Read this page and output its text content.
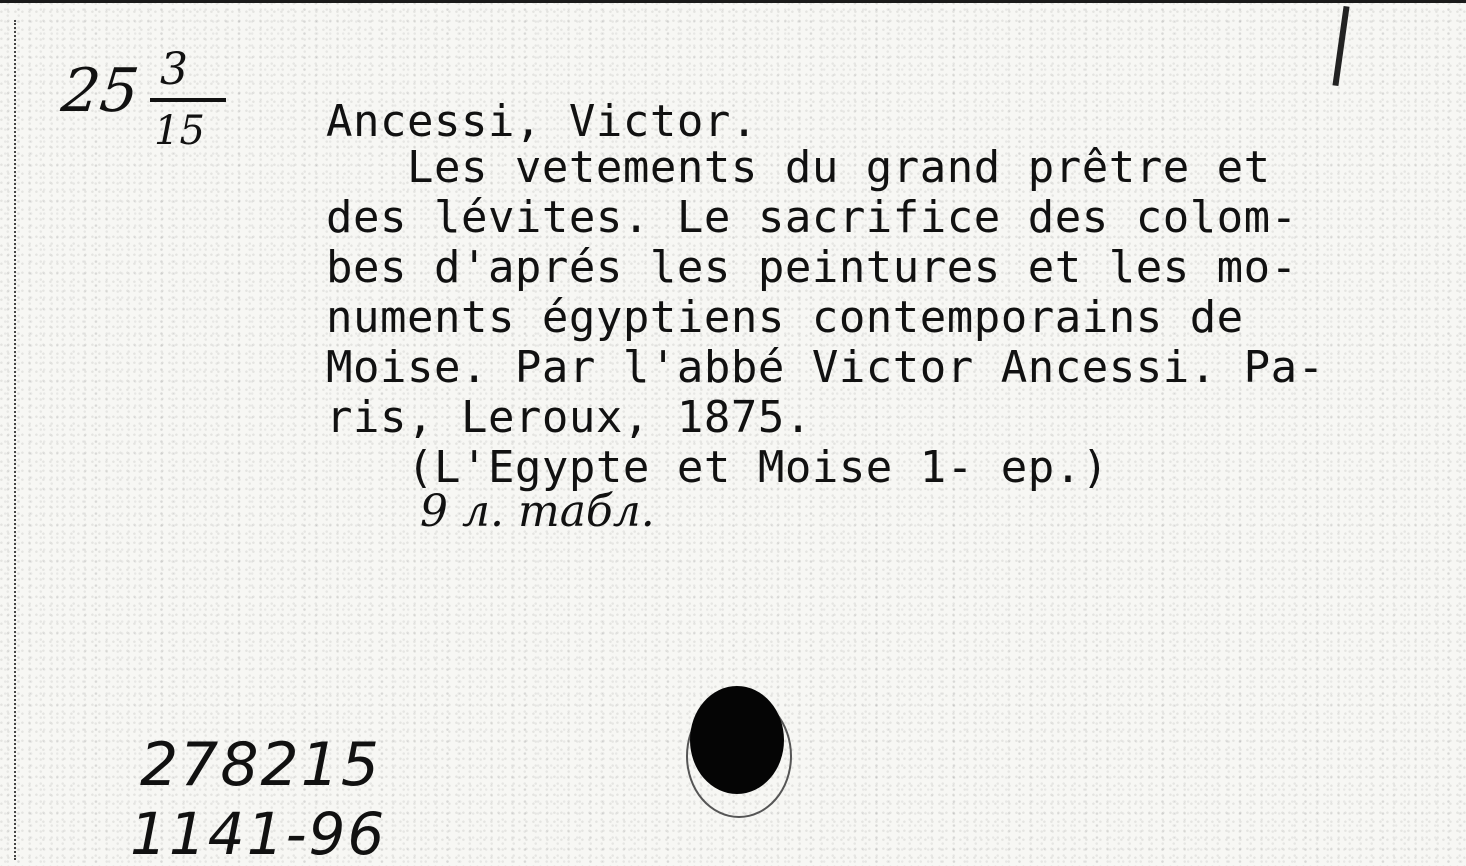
25 3
15	Ancessi, Victor.
Les vetements du grand prêtre et
des lévites. Le sacrifice des colom-
bes d'aprés les peintures et les mo-
numents égyptiens contemporains de
Moise. Par l'abbé Victor Ancessi. Pa-
ris, Leroux, 1875.
(L'Egypte et Moise 1- ep.)
9 л. табл.
278215
1141-96
